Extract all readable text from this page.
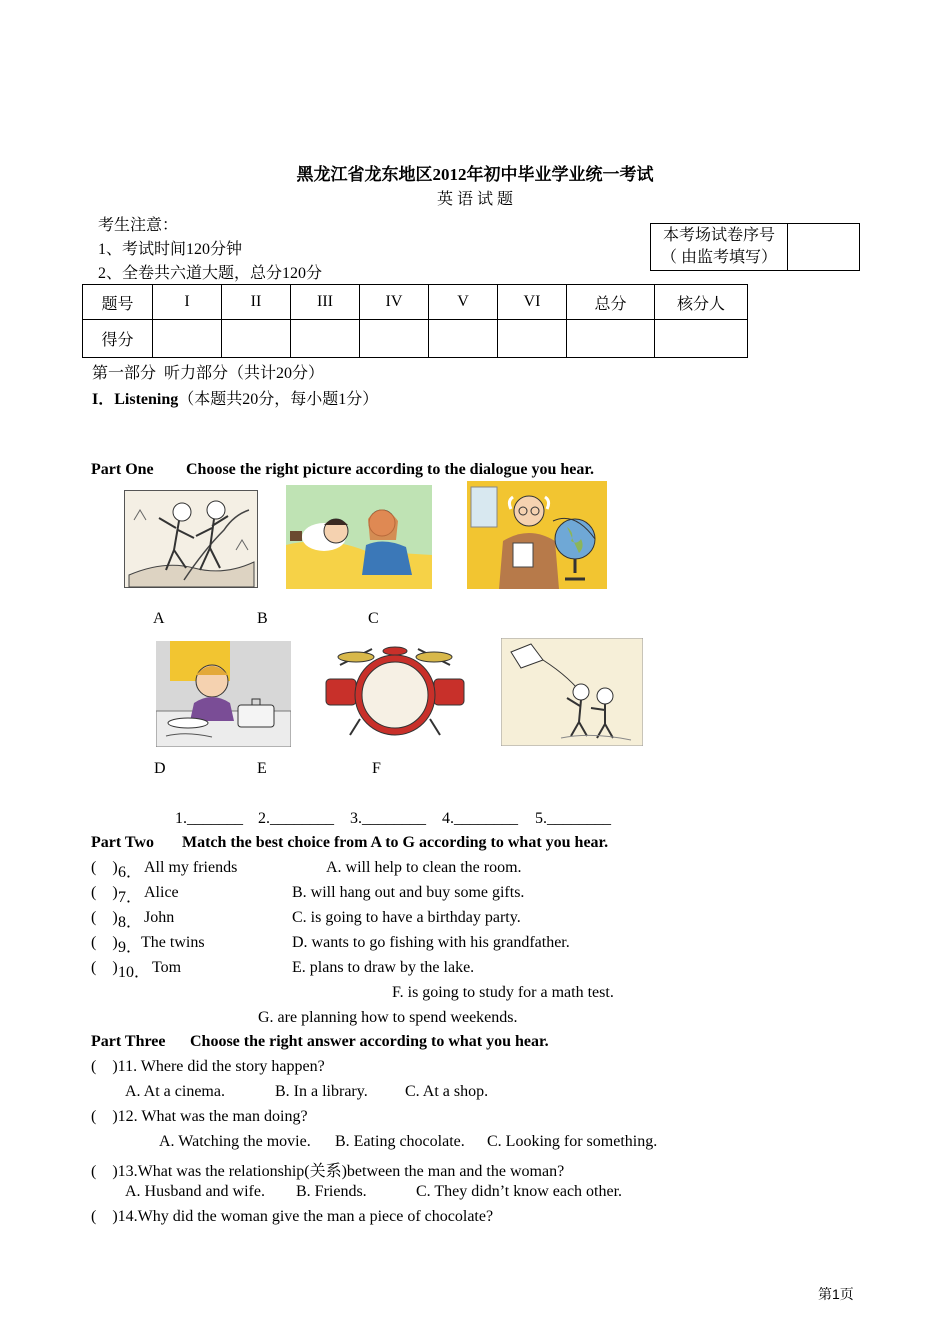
黑龙江省龙东地区2012年初中毕业学业统一考试
英 语 试 题
考生注意：
1、考试时间120分钟
2、全卷共六道大题，总分120分
本考场试卷序号
（ 由监考填写）

题号	I	II	III	IV	V	VI	总分	核分人
得分								
第一部分  听力部分（共计20分）
I．Listening（本题共20分，每小题1分）
Part One Choose the right picture according to the dialogue you hear.
A	B	C
D	E	F
1._______ 2.________ 3.________ 4.________ 5.________
Part Two Match the best choice from A to G according to what you hear.
(    ) 6． All my friends
(    ) 7． Alice
(    ) 8． John
(    ) 9．
The twins
(    ) 10． Tom
A. will help to clean the room.
B. will hang out and buy some gifts.
C. is going to have a birthday party.
D. wants to go fishing with his grandfather.
E. plans to draw by the lake.
F. is going to study for a math test.
G. are planning how to spend weekends.
Part Three Choose the right answer according to what you hear.
(    )11. Where did the story happen?
A. At a cinema.	B. In a library. C. At a shop.
(    )12. What was the man doing?
A. Watching the movie. B. Eating chocolate. C. Looking for something.
(    )13.What was the relationship(关系)between the man and the woman?
A. Husband and wife. B. Friends.	C. They didn’t know each other.
(    )14.Why did the woman give the man a piece of chocolate?
第1页
